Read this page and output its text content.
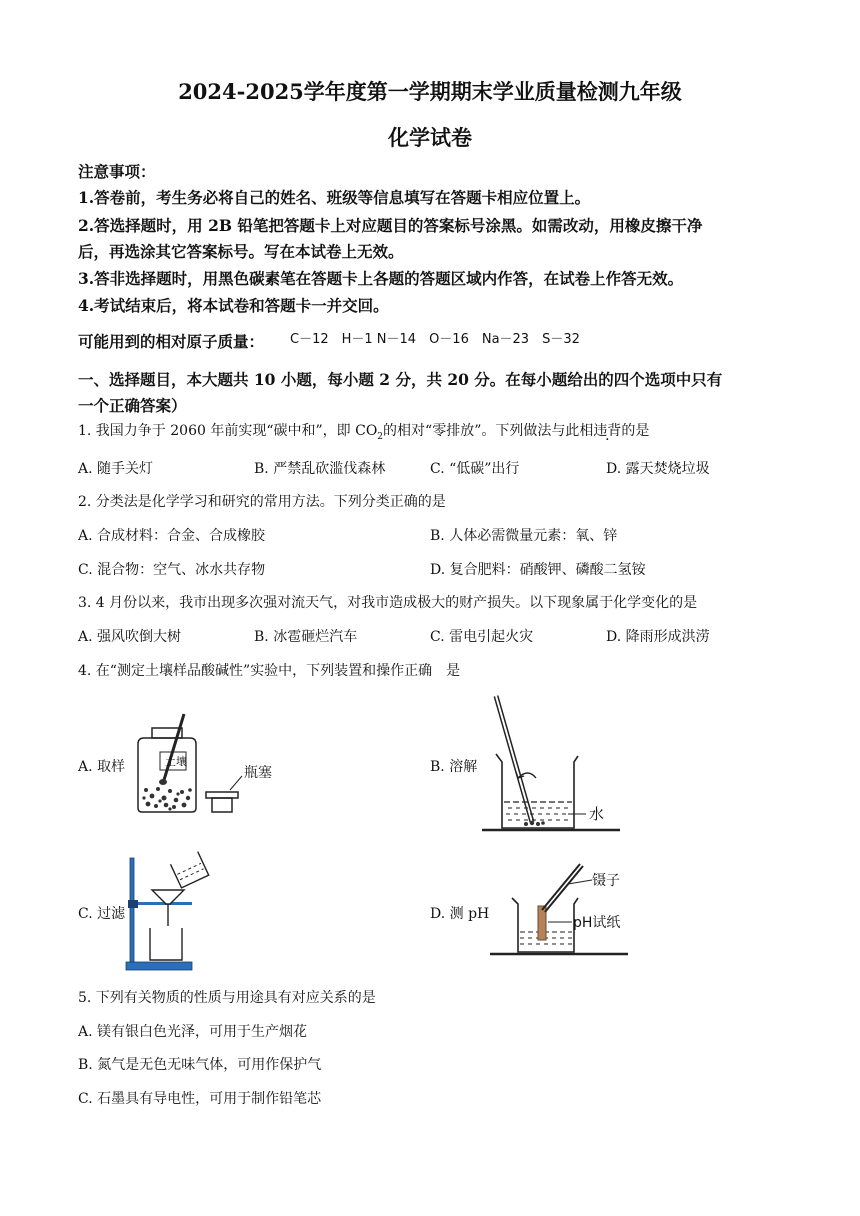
2024-2025学年度第一学期期末学业质量检测九年级
化学试卷
注意事项：
1.答卷前，考生务必将自己的姓名、班级等信息填写在答题卡相应位置上。
2.答选择题时，用 2B 铅笔把答题卡上对应题目的答案标号涂黑。如需改动，用橡皮擦干净
后，再选涂其它答案标号。写在本试卷上无效。
3.答非选择题时，用黑色碳素笔在答题卡上各题的答题区域内作答，在试卷上作答无效。
4.考试结束后，将本试卷和答题卡一并交回。
可能用到的相对原子质量： C－12　H－1 N－14　O－16　Na－23　S－32
一、选择题目，本大题共 10 小题，每小题 2 分，共 20 分。在每小题给出的四个选项中只有
一个正确答案）
1. 我国力争于 2060 年前实现“碳中和”，即 $CO_2$的相对“零排放”。下列做法与此相违背的是
A. 随手关灯	B. 严禁乱砍滥伐森林	C. “低碳”出行	D. 露天焚烧垃圾
2. 分类法是化学学习和研究的常用方法。下列分类正确的是
A. 合成材料：合金、合成橡胶	B. 人体必需微量元素：氧、锌
C. 混合物：空气、冰水共存物	D. 复合肥料：硝酸钾、磷酸二氢铵
3. 4 月份以来，我市出现多次强对流天气，对我市造成极大的财产损失。以下现象属于化学变化的是
A. 强风吹倒大树	B. 冰雹砸烂汽车	C. 雷电引起火灾	D. 降雨形成洪涝
4. 在“测定土壤样品酸碱性”实验中，下列装置和操作正确　是
A. 取样	B. 溶解
C. 过滤	D. 测 pH
土壤
瓶塞
水
镊子
pH试纸
5. 下列有关物质的性质与用途具有对应关系的是
A. 镁有银白色光泽，可用于生产烟花
B. 氮气是无色无味气体，可用作保护气
C. 石墨具有导电性，可用于制作铅笔芯
